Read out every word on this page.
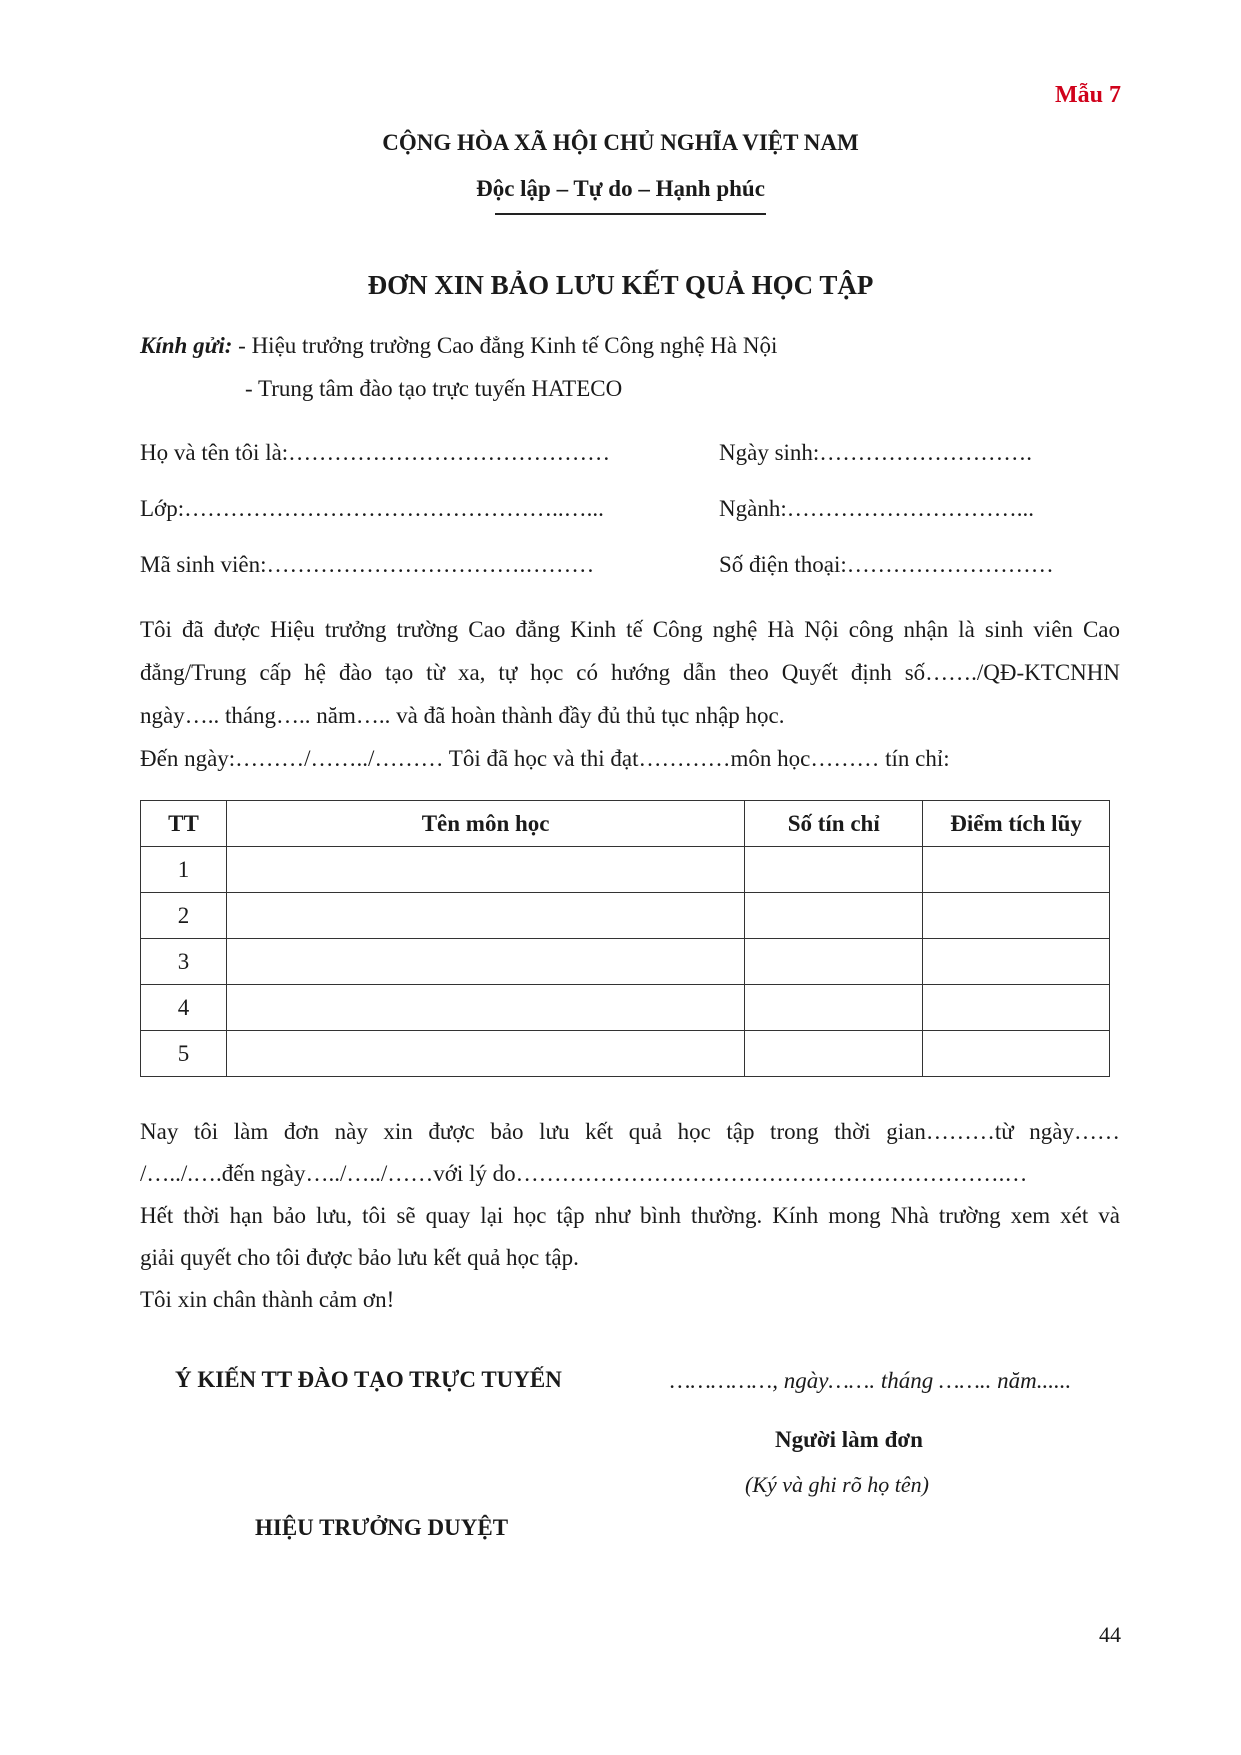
Mẫu 7
CỘNG HÒA XÃ HỘI CHỦ NGHĨA VIỆT NAM
Độc lập – Tự do – Hạnh phúc
ĐƠN XIN BẢO LƯU KẾT QUẢ HỌC TẬP
Kính gửi: - Hiệu trưởng trường Cao đẳng Kinh tế Công nghệ Hà Nội
- Trung tâm đào tạo trực tuyến HATECO
Họ và tên tôi là:……………………………………	Ngày sinh:……………………….
Lớp:…………………………………………..…...	Ngành:…………………………...
Mã sinh viên:…………………………….………	Số điện thoại:………………………
Tôi đã được Hiệu trưởng trường Cao đẳng Kinh tế Công nghệ Hà Nội công nhận là sinh viên Cao
đẳng/Trung cấp hệ đào tạo từ xa, tự học có hướng dẫn theo Quyết định số……./QĐ-KTCNHN
ngày….. tháng….. năm….. và đã hoàn thành đầy đủ thủ tục nhập học.
Đến ngày:………/……../……… Tôi đã học và thi đạt…………môn học……… tín chỉ:
TT	Tên môn học	Số tín chỉ	Điểm tích lũy
1			
2			
3			
4			
5			
Nay tôi làm đơn này xin được bảo lưu kết quả học tập trong thời gian………từ ngày……
/…../.….đến ngày…../…../……với lý do……………………………………………………….…
Hết thời hạn bảo lưu, tôi sẽ quay lại học tập như bình thường. Kính mong Nhà trường xem xét và
giải quyết cho tôi được bảo lưu kết quả học tập.
Tôi xin chân thành cảm ơn!
Ý KIẾN TT ĐÀO TẠO TRỰC TUYẾN	……………, ngày……. tháng …….. năm......
Người làm đơn
(Ký và ghi rõ họ tên)
HIỆU TRƯỞNG DUYỆT
44
